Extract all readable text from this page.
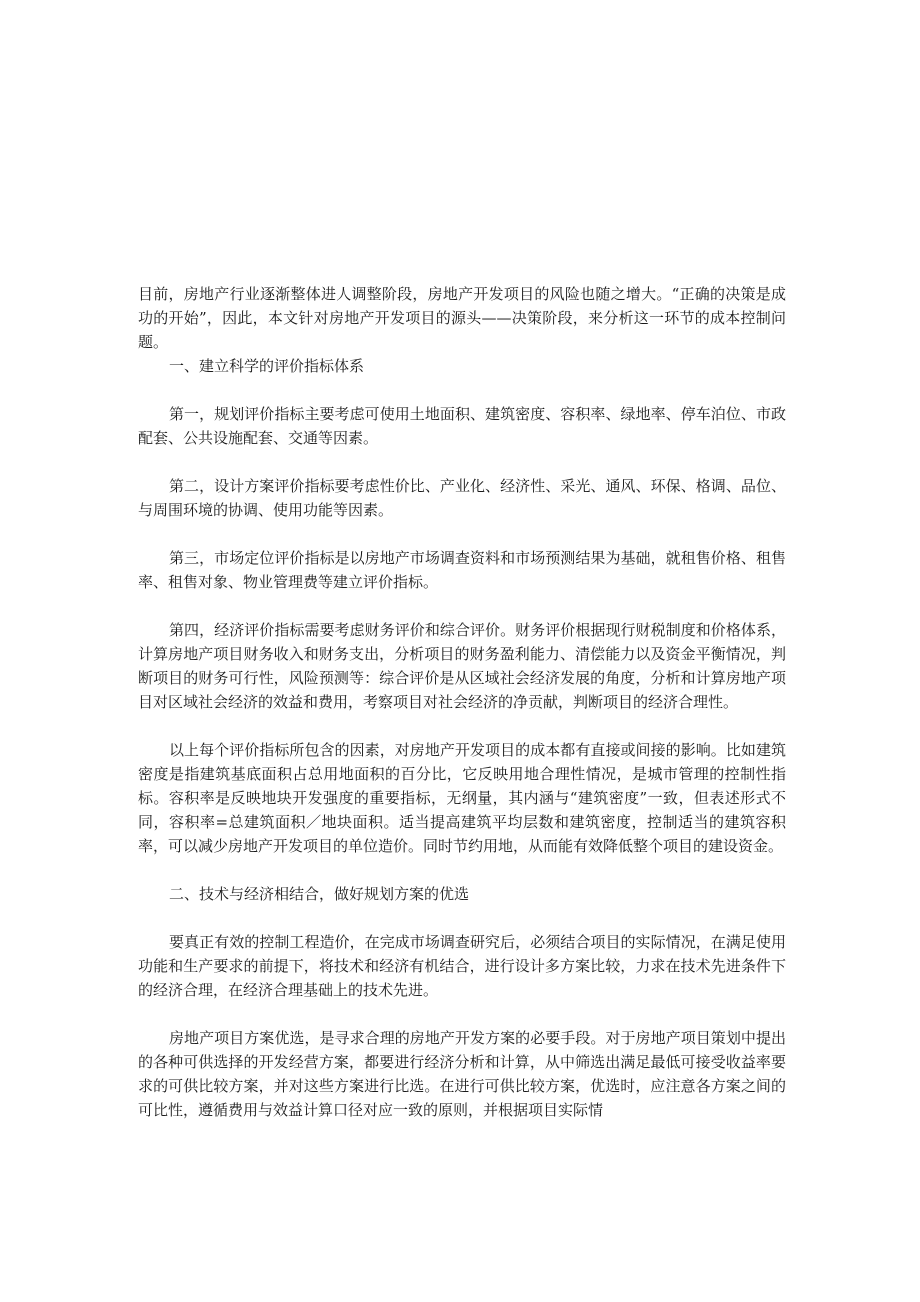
目前，房地产行业逐渐整体进人调整阶段，房地产开发项目的风险也随之增大。“正确的决策是成功的开始”，因此，本文针对房地产开发项目的源头——决策阶段，来分析这一环节的成本控制问题。

一、建立科学的评价指标体系

第一，规划评价指标主要考虑可使用土地面积、建筑密度、容积率、绿地率、停车泊位、市政配套、公共设施配套、交通等因素。

第二，设计方案评价指标要考虑性价比、产业化、经济性、采光、通风、环保、格调、品位、与周围环境的协调、使用功能等因素。

第三，市场定位评价指标是以房地产市场调查资料和市场预测结果为基础，就租售价格、租售率、租售对象、物业管理费等建立评价指标。

第四，经济评价指标需要考虑财务评价和综合评价。财务评价根据现行财税制度和价格体系，计算房地产项目财务收入和财务支出，分析项目的财务盈利能力、清偿能力以及资金平衡情况，判断项目的财务可行性，风险预测等：综合评价是从区域社会经济发展的角度，分析和计算房地产项目对区域社会经济的效益和费用，考察项目对社会经济的净贡献，判断项目的经济合理性。

以上每个评价指标所包含的因素，对房地产开发项目的成本都有直接或间接的影响。比如建筑密度是指建筑基底面积占总用地面积的百分比，它反映用地合理性情况，是城市管理的控制性指标。容积率是反映地块开发强度的重要指标，无纲量，其内涵与“建筑密度”一致，但表述形式不同，容积率=总建筑面积／地块面积。适当提高建筑平均层数和建筑密度，控制适当的建筑容积率，可以减少房地产开发项目的单位造价。同时节约用地，从而能有效降低整个项目的建设资金。

二、技术与经济相结合，做好规划方案的优选

要真正有效的控制工程造价，在完成市场调查研究后，必须结合项目的实际情况，在满足使用功能和生产要求的前提下，将技术和经济有机结合，进行设计多方案比较，力求在技术先进条件下的经济合理，在经济合理基础上的技术先进。

房地产项目方案优选，是寻求合理的房地产开发方案的必要手段。对于房地产项目策划中提出的各种可供选择的开发经营方案，都要进行经济分析和计算，从中筛选出满足最低可接受收益率要求的可供比较方案，并对这些方案进行比选。在进行可供比较方案，优选时，应注意各方案之间的可比性，遵循费用与效益计算口径对应一致的原则，并根据项目实际情
